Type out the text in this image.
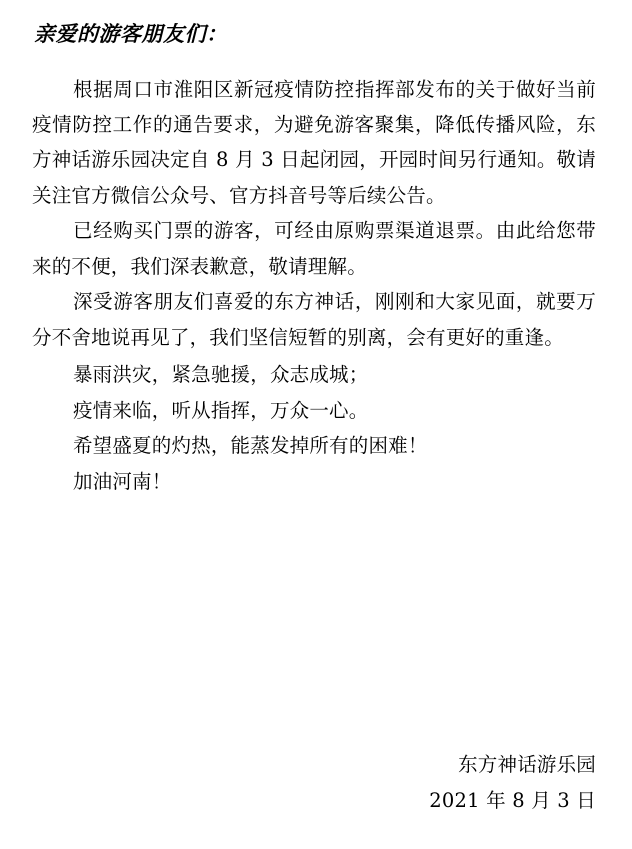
亲爱的游客朋友们：

根据周口市淮阳区新冠疫情防控指挥部发布的关于做好当前疫情防控工作的通告要求，为避免游客聚集，降低传播风险，东方神话游乐园决定自 8 月 3 日起闭园，开园时间另行通知。敬请关注官方微信公众号、官方抖音号等后续公告。

已经购买门票的游客，可经由原购票渠道退票。由此给您带来的不便，我们深表歉意，敬请理解。

深受游客朋友们喜爱的东方神话，刚刚和大家见面，就要万分不舍地说再见了，我们坚信短暂的别离，会有更好的重逢。

暴雨洪灾，紧急驰援，众志成城；

疫情来临，听从指挥，万众一心。

希望盛夏的灼热，能蒸发掉所有的困难！

加油河南！

东方神话游乐园

2021 年 8 月 3 日
